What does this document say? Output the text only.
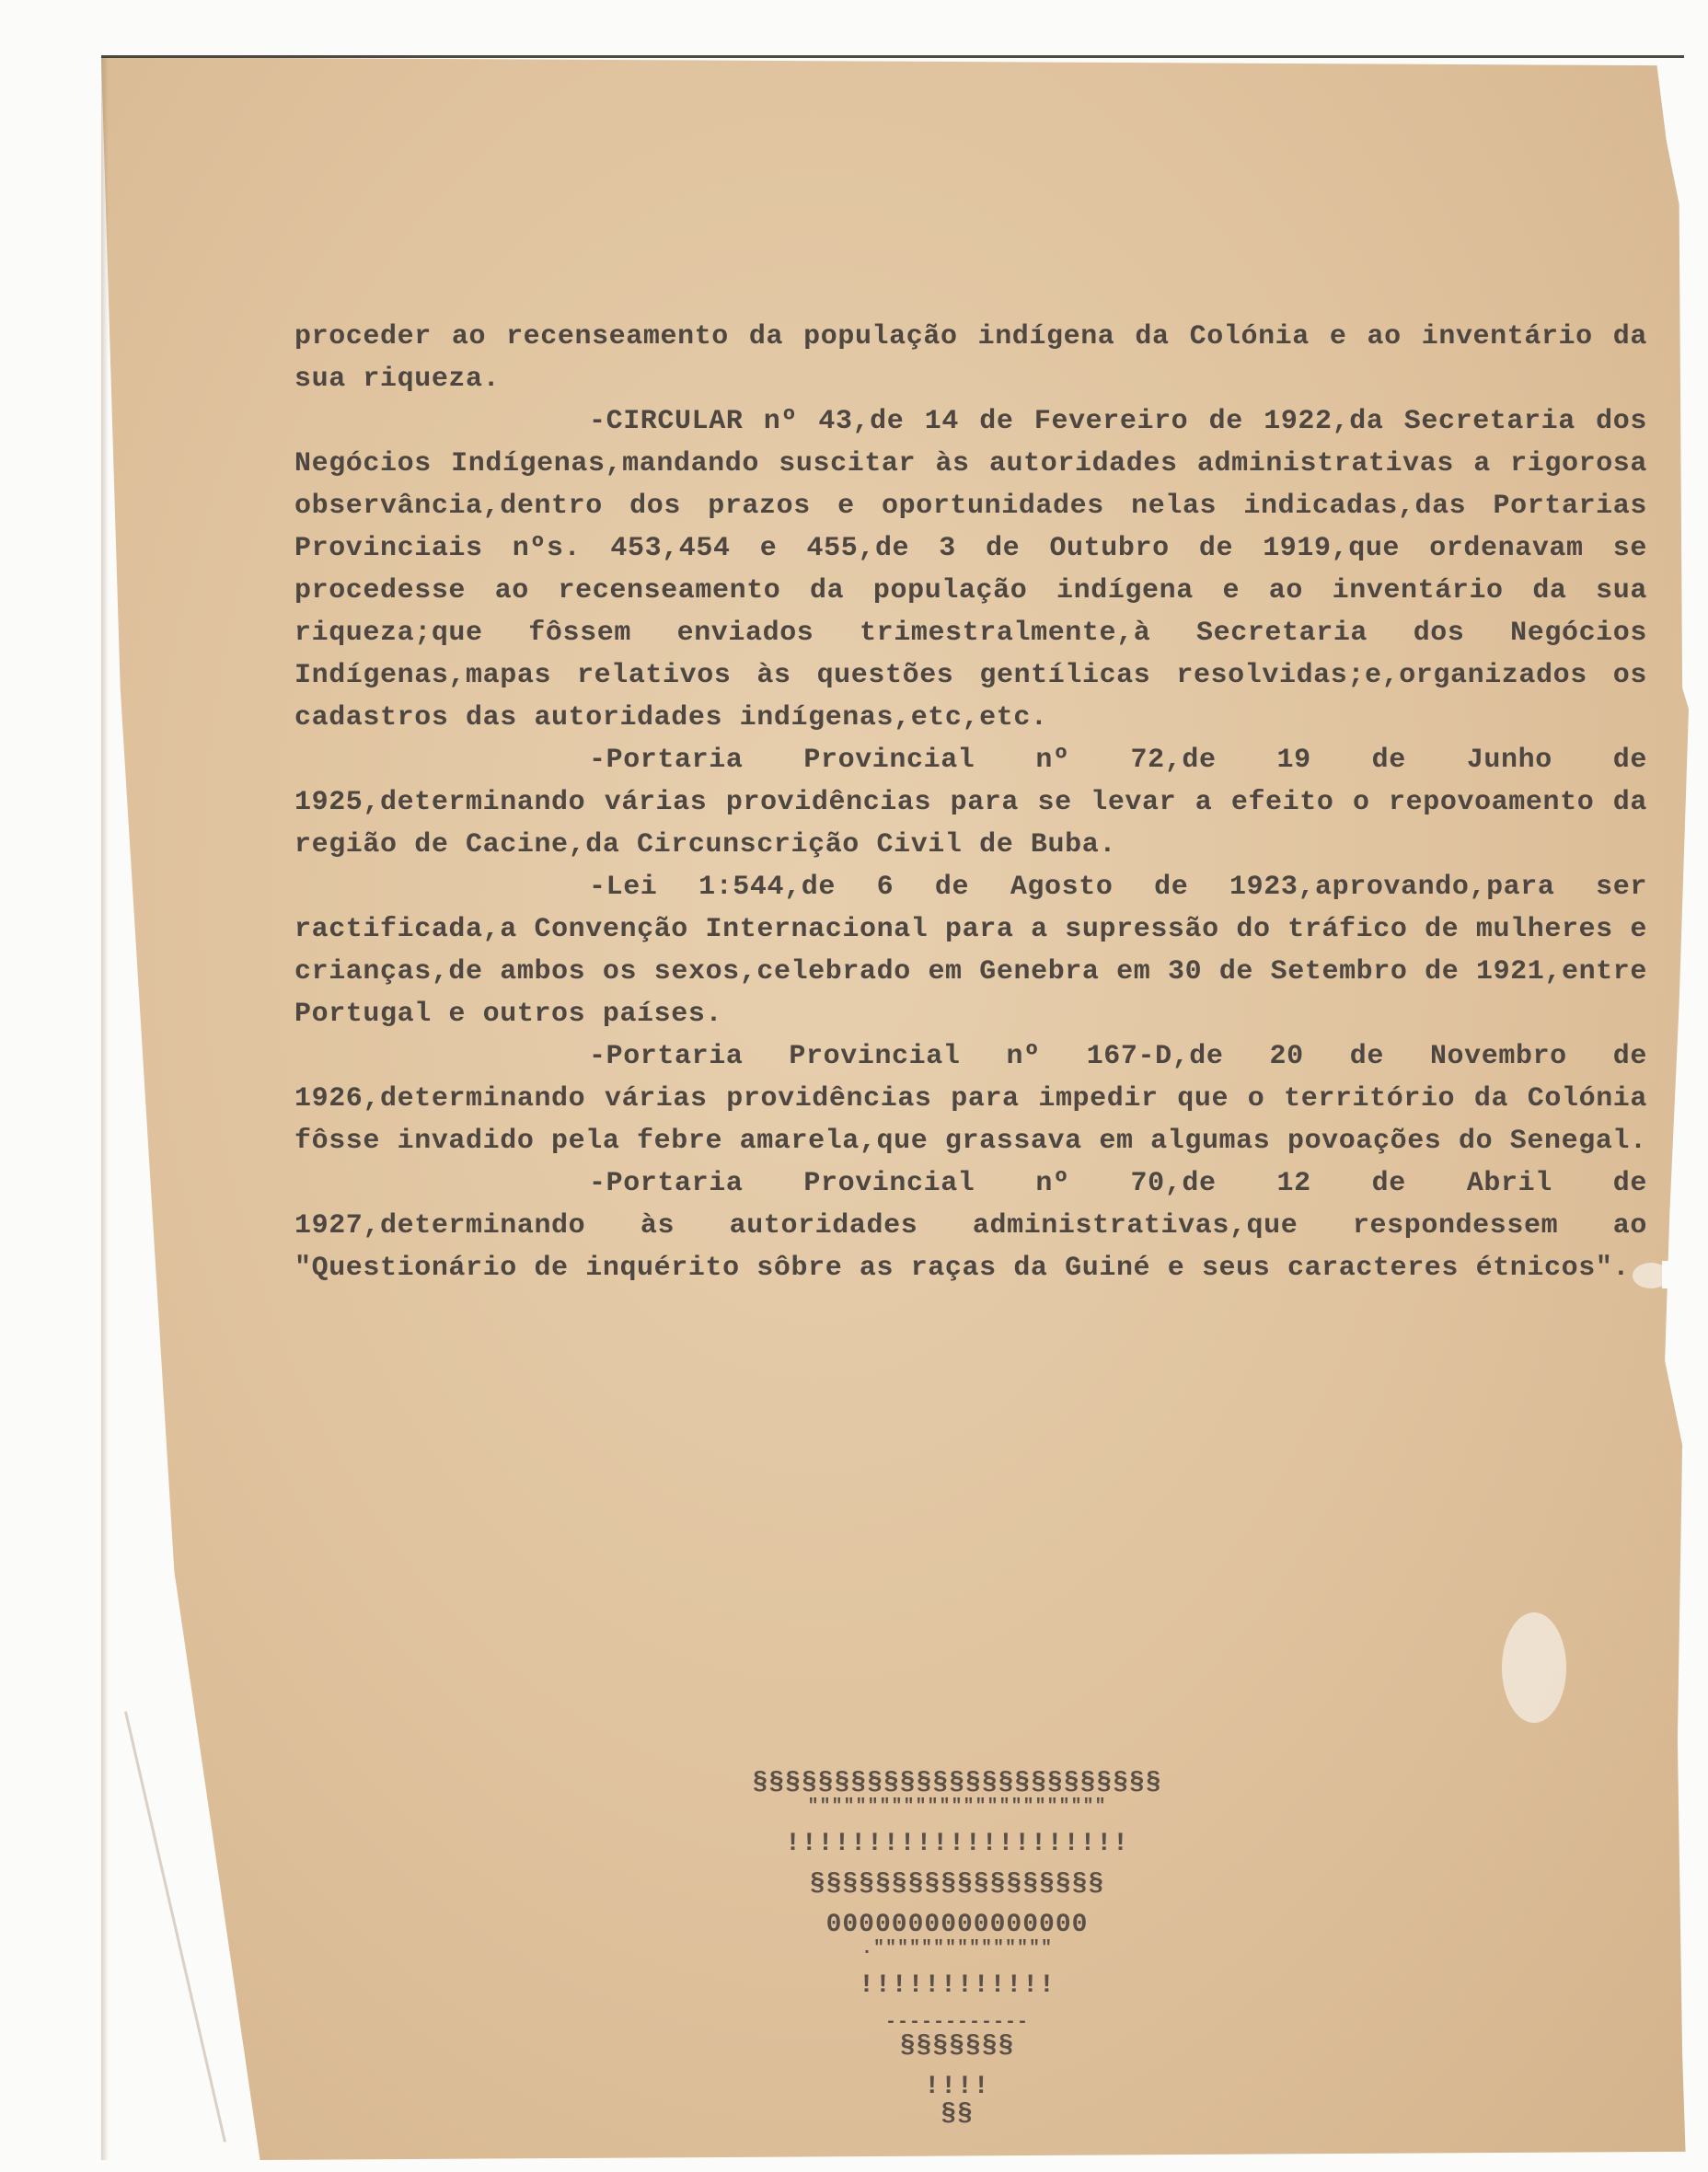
proceder ao recenseamento da população indígena da Colónia e ao inventário da sua riqueza.

-CIRCULAR nº 43,de 14 de Fevereiro de 1922,da Secretaria dos Negócios Indígenas,mandando suscitar às autoridades administrativas a rigorosa observância,dentro dos prazos e oportunidades nelas indicadas,das Portarias Provinciais nºs. 453,454 e 455,de 3 de Outubro de 1919,que ordenavam se procedesse ao recenseamento da população indígena e ao inventário da sua riqueza;que fôssem enviados trimestralmente,à Secretaria dos Negócios Indígenas,mapas relativos às questões gentílicas resolvidas;e,organizados os cadastros das autoridades indígenas,etc,etc.

-Portaria Provincial nº 72,de 19 de Junho de 1925,determinando várias providências para se levar a efeito o repovoamento da região de Cacine,da Circunscrição Civil de Buba.

-Lei 1:544,de 6 de Agosto de 1923,aprovando,para ser ractificada,a Convenção Internacional para a supressão do tráfico de mulheres e crianças,de ambos os sexos,celebrado em Genebra em 30 de Setembro de 1921,entre Portugal e outros países.

-Portaria Provincial nº 167-D,de 20 de Novembro de 1926,determinando várias providências para impedir que o território da Colónia fôsse invadido pela febre amarela,que grassava em algumas povoações do Senegal.

-Portaria Provincial nº 70,de 12 de Abril de 1927,determinando às autoridades administrativas,que respondessem ao "Questionário de inquérito sôbre as raças da Guiné e seus caracteres étnicos".

§§§§§§§§§§§§§§§§§§§§§§§§§

"""""""""""""""""""""""""

!!!!!!!!!!!!!!!!!!!!!

§§§§§§§§§§§§§§§§§§

0000000000000000

."""""""""""""""

!!!!!!!!!!!!

------------

§§§§§§§

!!!!

§§
